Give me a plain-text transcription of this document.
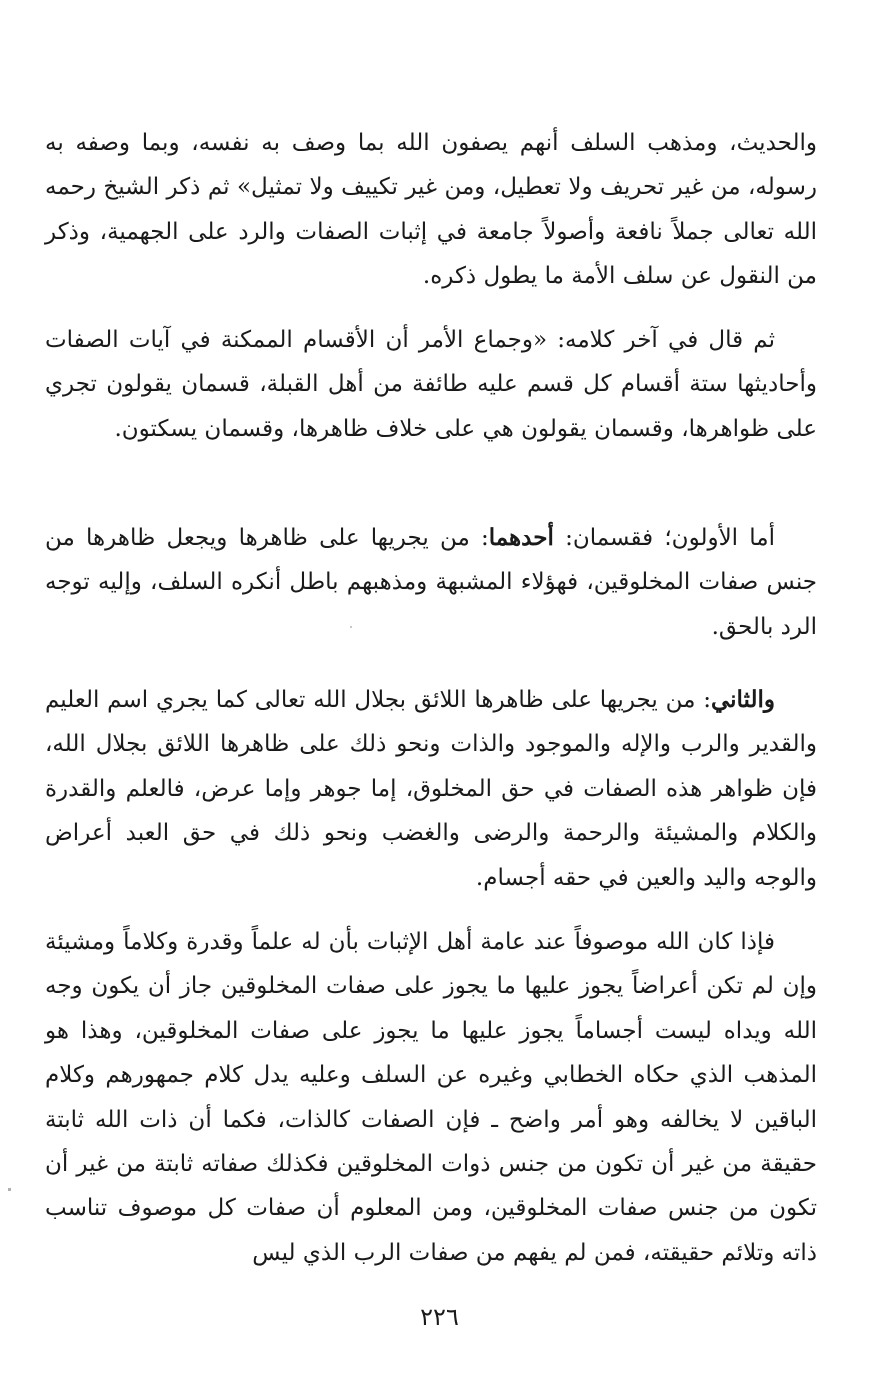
والحديث، ومذهب السلف أنهم يصفون الله بما وصف به نفسه، وبما وصفه به رسوله، من غير تحريف ولا تعطيل، ومن غير تكييف ولا تمثيل» ثم ذكر الشيخ رحمه الله تعالى جملاً نافعة وأصولاً جامعة في إثبات الصفات والرد على الجهمية، وذكر من النقول عن سلف الأمة ما يطول ذكره.

ثم قال في آخر كلامه: «وجماع الأمر أن الأقسام الممكنة في آيات الصفات وأحاديثها ستة أقسام كل قسم عليه طائفة من أهل القبلة، قسمان يقولون تجري على ظواهرها، وقسمان يقولون هي على خلاف ظاهرها، وقسمان يسكتون.

أما الأولون؛ فقسمان: أحدهما: من يجريها على ظاهرها ويجعل ظاهرها من جنس صفات المخلوقين، فهؤلاء المشبهة ومذهبهم باطل أنكره السلف، وإليه توجه الرد بالحق.

والثاني: من يجريها على ظاهرها اللائق بجلال الله تعالى كما يجري اسم العليم والقدير والرب والإله والموجود والذات ونحو ذلك على ظاهرها اللائق بجلال الله، فإن ظواهر هذه الصفات في حق المخلوق، إما جوهر وإما عرض، فالعلم والقدرة والكلام والمشيئة والرحمة والرضى والغضب ونحو ذلك في حق العبد أعراض والوجه واليد والعين في حقه أجسام.

فإذا كان الله موصوفاً عند عامة أهل الإثبات بأن له علماً وقدرة وكلاماً ومشيئة وإن لم تكن أعراضاً يجوز عليها ما يجوز على صفات المخلوقين جاز أن يكون وجه الله ويداه ليست أجساماً يجوز عليها ما يجوز على صفات المخلوقين، وهذا هو المذهب الذي حكاه الخطابي وغيره عن السلف وعليه يدل كلام جمهورهم وكلام الباقين لا يخالفه وهو أمر واضح ـ فإن الصفات كالذات، فكما أن ذات الله ثابتة حقيقة من غير أن تكون من جنس ذوات المخلوقين فكذلك صفاته ثابتة من غير أن تكون من جنس صفات المخلوقين، ومن المعلوم أن صفات كل موصوف تناسب ذاته وتلائم حقيقته، فمن لم يفهم من صفات الرب الذي ليس

٢٢٦
